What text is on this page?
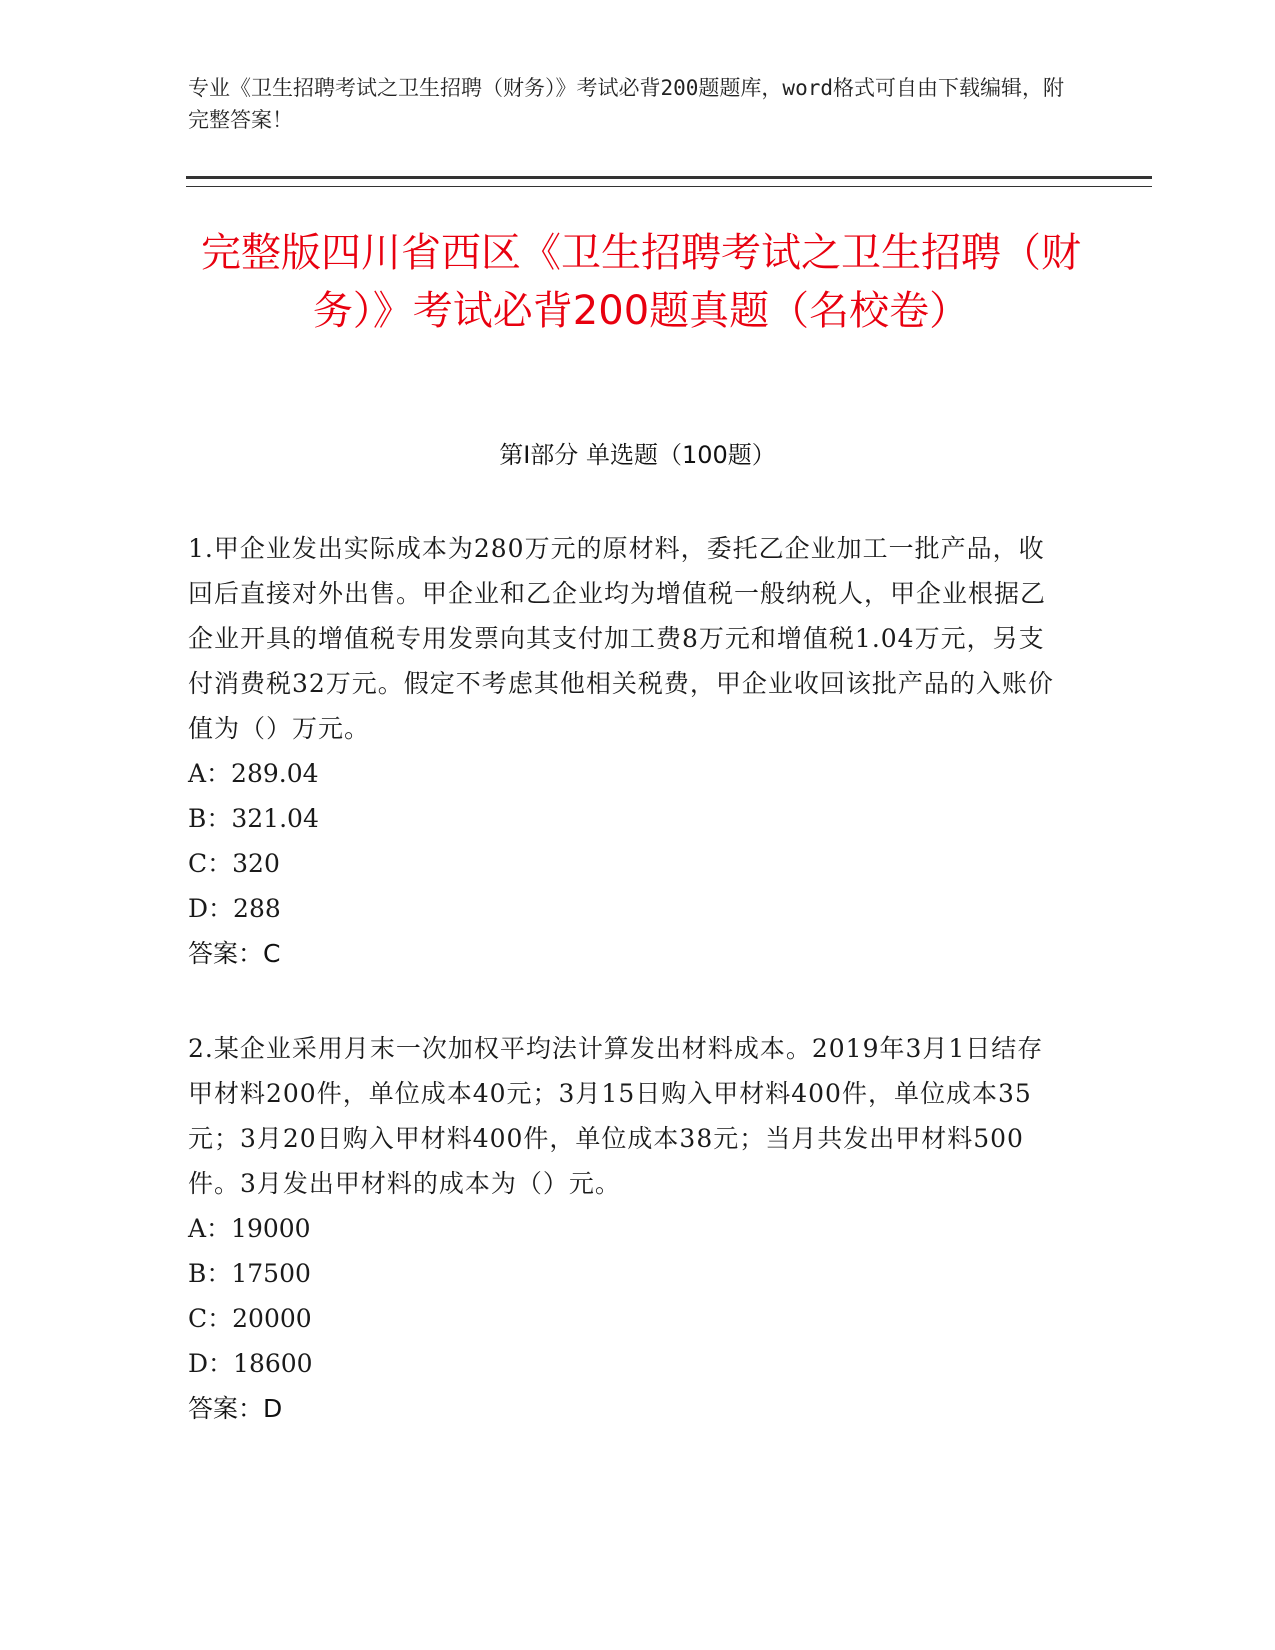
专业《卫生招聘考试之卫生招聘（财务）》考试必背200题题库，word格式可自由下载编辑，附完整答案！
完整版四川省西区《卫生招聘考试之卫生招聘（财务）》考试必背200题真题（名校卷）
第Ⅰ部分 单选题（100题）

1.甲企业发出实际成本为280万元的原材料，委托乙企业加工一批产品，收回后直接对外出售。甲企业和乙企业均为增值税一般纳税人，甲企业根据乙企业开具的增值税专用发票向其支付加工费8万元和增值税1.04万元，另支付消费税32万元。假定不考虑其他相关税费，甲企业收回该批产品的入账价值为（）万元。

A：289.04

B：321.04

C：320

D：288

答案：C

2.某企业采用月末一次加权平均法计算发出材料成本。2019年3月1日结存甲材料200件，单位成本40元；3月15日购入甲材料400件，单位成本35元；3月20日购入甲材料400件，单位成本38元；当月共发出甲材料500件。3月发出甲材料的成本为（）元。

A：19000

B：17500

C：20000

D：18600

答案：D
